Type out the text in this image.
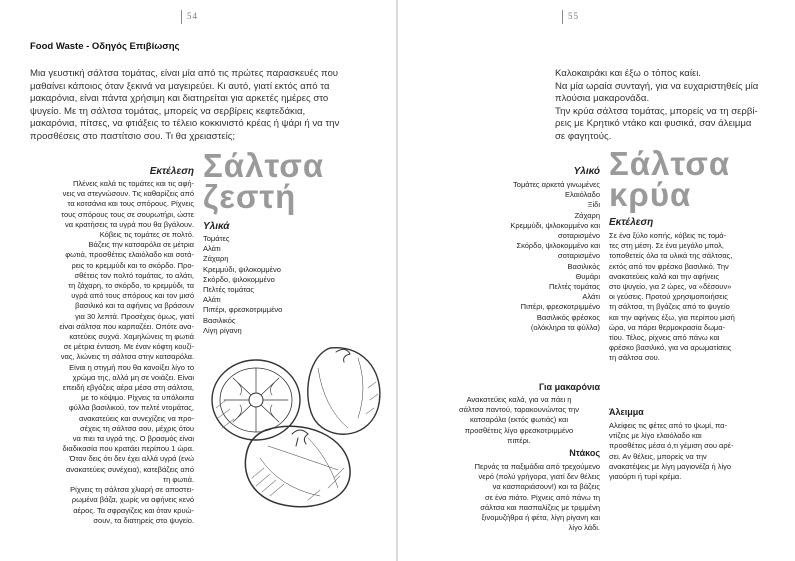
54
Food Waste - Οδηγός Επιβίωσης

Μια γευστική σάλτσα τομάτας, είναι μία από τις πρώτες παρασκευές που
μαθαίνει κάποιος όταν ξεκινά να μαγειρεύει. Κι αυτό, γιατί εκτός από τα
μακαρόνια, είναι πάντα χρήσιμη και διατηρείται για αρκετές ημέρες στο
ψυγείο. Με τη σάλτσα τομάτας, μπορείς να σερβίρεις κεφτεδάκια,
μακαρόνια, πίτσες, να φτιάξεις το τέλειο κοκκινιστό κρέας ή ψάρι ή να την
προσθέσεις στο παστίτσιο σου. Τι θα χρειαστείς;

Εκτέλεση

Πλένεις καλά τις τομάτες και τις αφή-
νεις να στεγνώσουν. Τις καθαρίζεις από
τα κοτσάνια και τους σπόρους. Ρίχνεις
τους σπόρους τους σε σουρωτήρι, ώστε
να κρατήσεις τα υγρά που θα βγάλουν.
Κόβεις τις τομάτες σε πολτό.
Βάζεις την κατσαρόλα σε μέτρια
φωτιά, προσθέτεις ελαιόλαδο και σοτά-
ρεις το κρεμμύδι και το σκόρδο. Προ-
σθέτεις τον πολτό τομάτας, το αλάτι,
τη ζάχαρη, το σκόρδο, το κρεμμύδι, τα
υγρά από τους σπόρους και τον μισό
βασιλικό και τα αφήνεις να βράσουν
για 30 λεπτά. Προσέχεις όμως, γιατί
είναι σάλτσα που καρπαζέει. Οπότε ανα-
κατεύεις συχνά. Χαμηλώνεις τη φωτιά
σε μέτρια ένταση. Με έναν κόφτη κουζί-
νας, λιώνεις τη σάλτσα στην κατσαρόλα.
Είναι η στιγμή που θα κανοίξει λίγο το
χρώμα της, αλλά μη σε νοιάζει. Είναι
επειδή εβγάζεις αέρα μέσα στη σάλτσα,
με το κόψιμο. Ρίχνεις τα υπόλοιπα
φύλλα βασιλικού, τον πελτέ ντομάτας,
ανακατεύεις και συνεχίζεις να προ-
σέχεις τη σάλτσα σου, μέχρις ότου
να πιει τα υγρά της. Ο βρασμός είναι
διαδικασία που κρατάει περίπου 1 ώρα.
Όταν δεις ότι δεν έχει αλλά υγρά (ενώ
ανακατεύεις συνέχεια), κατεβάζεις από
τη φωτιά.
Ρίχνεις τη σάλτσα χλιαρή σε αποστει-
ρωμένα βάζα, χωρίς να αφήνεις κενό
αέρος. Τα σφραγίζεις και όταν κρυώ-
σουν, τα διατηρείς στο ψυγείο.

Σάλτσα
ζεστή
Υλικά
Τομάτες
Αλάτι
Ζάχαρη
Κρεμμύδι, ψιλοκομμένο
Σκόρδο, ψιλοκομμένο
Πελτές τομάτας
Αλάτι
Πιπέρι, φρεσκοτριμμένο
Βασιλικός
Λίγη ρίγανη
55

Καλοκαιράκι και έξω ο τόπος καίει.
Να μία ωραία συνταγή, για να ευχαριστηθείς μία
πλούσια μακαρονάδα.
Την κρύα σάλτσα τομάτας, μπορείς να τη σερβί-
ρεις με Κρητικό ντάκο και φυσικά, σαν άλειμμα
σε φαγητούς.

Υλικό
Τομάτες αρκετά γινωμένες
Ελαιόλαδο
Ξίδι
Ζάχαρη
Κρεμμύδι, ψιλοκομμένο και
σοταρισμένο
Σκόρδο, ψιλοκομμένο και
σοταρισμένο
Βασιλικός
Θυμάρι
Πελτές τομάτας
Αλάτι
Πιπέρι, φρεσκοτριμμένο
Βασιλικός φρέσκος
(ολόκληρα τα φύλλα)
Σάλτσα
κρύα
Εκτέλεση

Σε ένα ξύλο κοπής, κόβεις τις τομά-
τες στη μέση. Σε ένα μεγάλο μπολ,
τοποθετείς όλα τα υλικά της σάλτσας,
εκτός από τον φρέσκο βασιλικό. Την
ανακατεύεις καλά και την αφήνεις
στο ψυγείο, για 2 ώρες, να «δέσουν»
οι γεύσεις. Προτού χρησιμοποιήσεις
τη σάλτσα, τη βγάζεις από το ψυγείο
και την αφήνεις έξω, για περίπου μισή
ώρα, να πάρει θερμοκρασία δωμα-
τίου. Τέλος, ρίχνεις από πάνω και
φρέσκο βασιλικό, για να αρωματίσεις
τη σάλτσα σου.

Για μακαρόνια

Ανακατεύεις καλά, για να πάει η
σάλτσα παντού, ταρακουνώντας την
κατσαρόλα (εκτός φωτιάς) και
προσθέτεις λίγο φρεσκοτριμμένο
πιπέρι.

Ντάκος

Περνάς τα παξιμάδια από τρεχούμενο
νερό (πολύ γρήγορα, γιατί δεν θέλεις
να κασπαριάσουν!) και τα βάζεις
σε ένα πιάτο. Ρίχνεις από πάνω τη
σάλτσα και πασπαλίζεις με τριμμένη
ξινομυζήθρα ή φέτα, λίγη ρίγανη και
λίγο λάδι.

Άλειμμα

Αλείφεις τις φέτες από το ψωμί, πα-
ντίζεις με λίγο ελαιόλαδο και
προσθέτεις μέσα ό,τι γέμιση σου αρέ-
σει. Αν θέλεις, μπορείς να την
ανακατέψεις με λίγη μαγιονέζα ή λίγο
γιαούρτι ή τυρί κρέμα.
